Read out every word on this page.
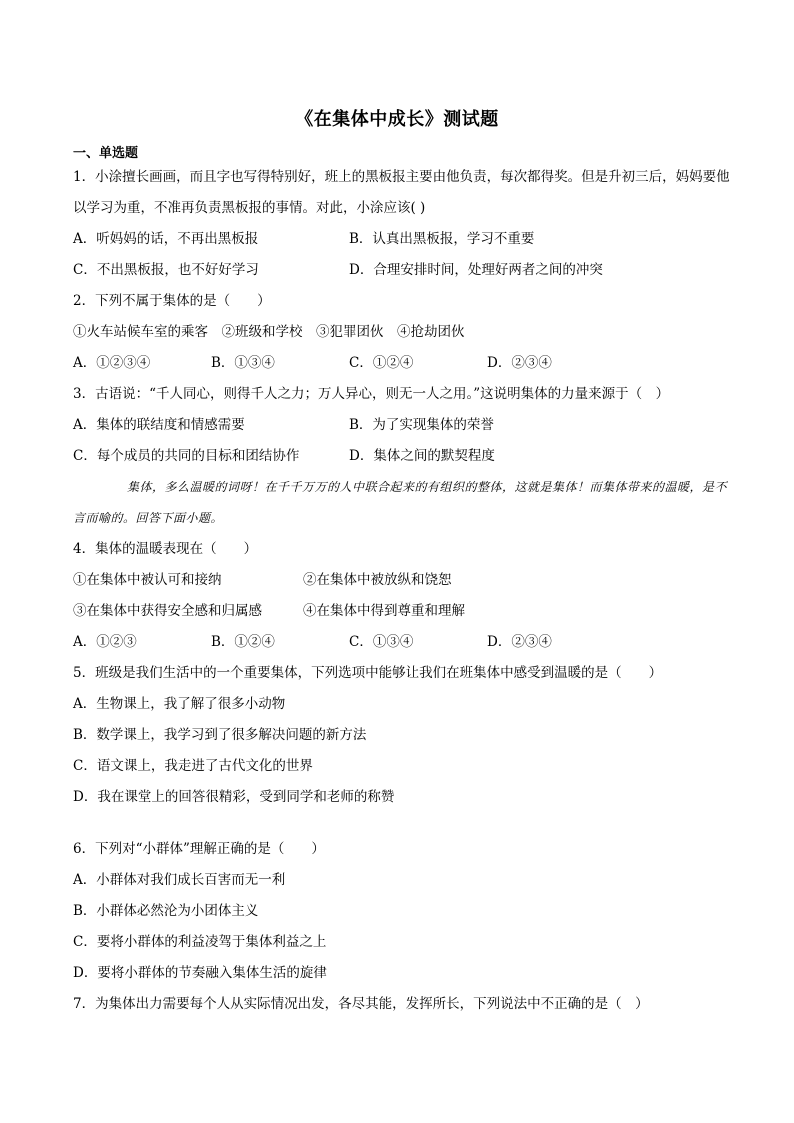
《在集体中成长》测试题
一、单选题
1．小涂擅长画画，而且字也写得特别好，班上的黑板报主要由他负责，每次都得奖。但是升初三后，妈妈要他以学习为重，不准再负责黑板报的事情。对此，小涂应该( )
A．听妈妈的话，不再出黑板报	B．认真出黑板报，学习不重要
C．不出黑板报，也不好好学习	D．合理安排时间，处理好两者之间的冲突
2．下列不属于集体的是（　　）
①火车站候车室的乘客　②班级和学校　③犯罪团伙　④抢劫团伙
A．①②③④	B．①③④	C．①②④	D．②③④
3．古语说：“千人同心，则得千人之力；万人异心，则无一人之用。”这说明集体的力量来源于（　）
A．集体的联结度和情感需要	B．为了实现集体的荣誉
C．每个成员的共同的目标和团结协作	D．集体之间的默契程度
集体，多么温暖的词呀！在千千万万的人中联合起来的有组织的整体，这就是集体！而集体带来的温暖，是不言而喻的。回答下面小题。
4．集体的温暖表现在（　　）
①在集体中被认可和接纳	②在集体中被放纵和饶恕
③在集体中获得安全感和归属感	④在集体中得到尊重和理解
A．①②③	B．①②④	C．①③④	D．②③④
5．班级是我们生活中的一个重要集体，下列选项中能够让我们在班集体中感受到温暖的是（　　）
A．生物课上，我了解了很多小动物
B．数学课上，我学习到了很多解决问题的新方法
C．语文课上，我走进了古代文化的世界
D．我在课堂上的回答很精彩，受到同学和老师的称赞
6．下列对“小群体”理解正确的是（　　）
A．小群体对我们成长百害而无一利
B．小群体必然沦为小团体主义
C．要将小群体的利益凌驾于集体利益之上
D．要将小群体的节奏融入集体生活的旋律
7．为集体出力需要每个人从实际情况出发，各尽其能，发挥所长，下列说法中不正确的是（　）
